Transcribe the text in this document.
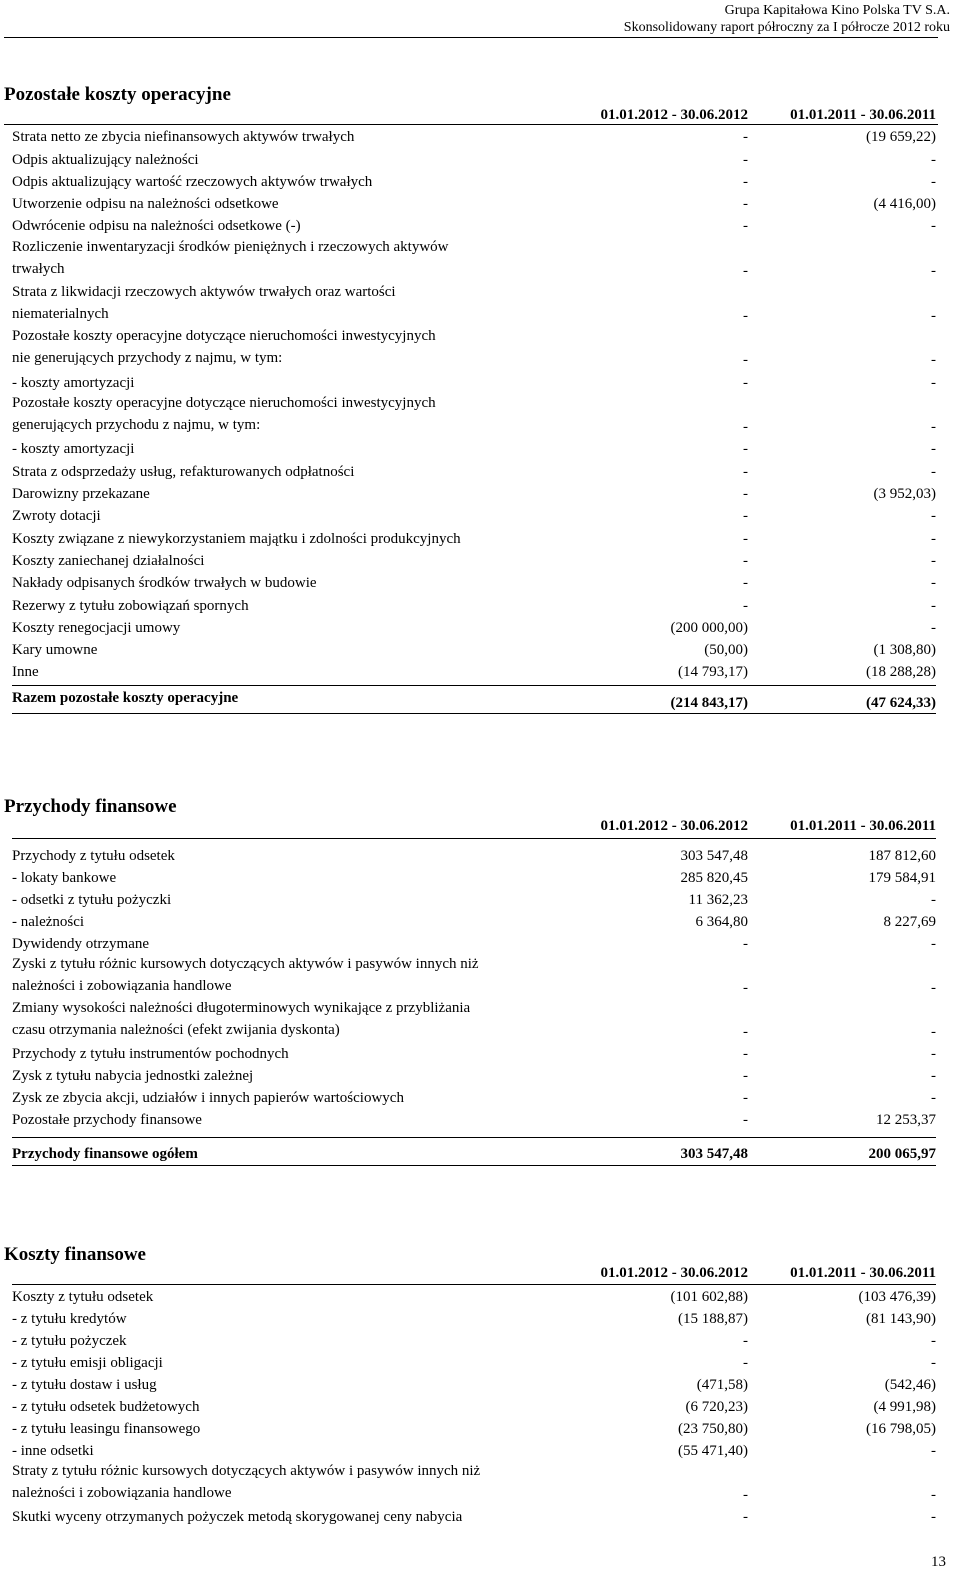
Grupa Kapitałowa Kino Polska TV S.A.
Skonsolidowany raport półroczny za I półrocze 2012 roku
Pozostałe koszty operacyjne
01.01.2012 - 30.06.2012	01.01.2011 - 30.06.2011
Strata netto ze zbycia niefinansowych aktywów trwałych	-	(19 659,22)
Odpis aktualizujący należności	-	-
Odpis aktualizujący wartość rzeczowych aktywów trwałych	-	-
Utworzenie odpisu na należności odsetkowe	-	(4 416,00)
Odwrócenie odpisu na należności odsetkowe (-)	-	-
Rozliczenie inwentaryzacji środków pieniężnych i rzeczowych aktywów
trwałych	-	-
Strata z likwidacji rzeczowych aktywów trwałych oraz wartości
niematerialnych	-	-
Pozostałe koszty operacyjne dotyczące nieruchomości inwestycyjnych
nie generujących przychody z najmu, w tym:	-	-
- koszty amortyzacji	-	-
Pozostałe koszty operacyjne dotyczące nieruchomości inwestycyjnych
generujących przychodu z najmu, w tym:	-	-
- koszty amortyzacji	-	-
Strata z odsprzedaży usług, refakturowanych odpłatności	-	-
Darowizny przekazane	-	(3 952,03)
Zwroty dotacji	-	-
Koszty związane z niewykorzystaniem majątku i zdolności produkcyjnych	-	-
Koszty zaniechanej działalności	-	-
Nakłady odpisanych środków trwałych w budowie	-	-
Rezerwy z tytułu zobowiązań spornych	-	-
Koszty renegocjacji umowy	(200 000,00)	-
Kary umowne	(50,00)	(1 308,80)
Inne	(14 793,17)	(18 288,28)
Razem pozostałe koszty operacyjne	(214 843,17)	(47 624,33)
Przychody finansowe
01.01.2012 - 30.06.2012	01.01.2011 - 30.06.2011
Przychody z tytułu odsetek	303 547,48	187 812,60
- lokaty bankowe	285 820,45	179 584,91
- odsetki z tytułu pożyczki	11 362,23	-
- należności	6 364,80	8 227,69
Dywidendy otrzymane	-	-
Zyski z tytułu różnic kursowych dotyczących aktywów i pasywów innych niż
należności i zobowiązania handlowe	-	-
Zmiany wysokości należności długoterminowych wynikające z przybliżania
czasu otrzymania należności (efekt zwijania dyskonta)	-	-
Przychody z tytułu instrumentów pochodnych	-	-
Zysk z tytułu nabycia jednostki zależnej	-	-
Zysk ze zbycia akcji, udziałów i innych papierów wartościowych	-	-
Pozostałe przychody finansowe	-	12 253,37
Przychody finansowe ogółem	303 547,48	200 065,97
Koszty finansowe
01.01.2012 - 30.06.2012	01.01.2011 - 30.06.2011
Koszty z tytułu odsetek	(101 602,88)	(103 476,39)
- z tytułu kredytów	(15 188,87)	(81 143,90)
- z tytułu pożyczek	-	-
- z tytułu emisji obligacji	-	-
- z tytułu dostaw i usług	(471,58)	(542,46)
- z tytułu odsetek budżetowych	(6 720,23)	(4 991,98)
- z tytułu leasingu finansowego	(23 750,80)	(16 798,05)
- inne odsetki	(55 471,40)	-
Straty z tytułu różnic kursowych dotyczących aktywów i pasywów innych niż
należności i zobowiązania handlowe	-	-
Skutki wyceny otrzymanych pożyczek metodą skorygowanej ceny nabycia	-	-
13
